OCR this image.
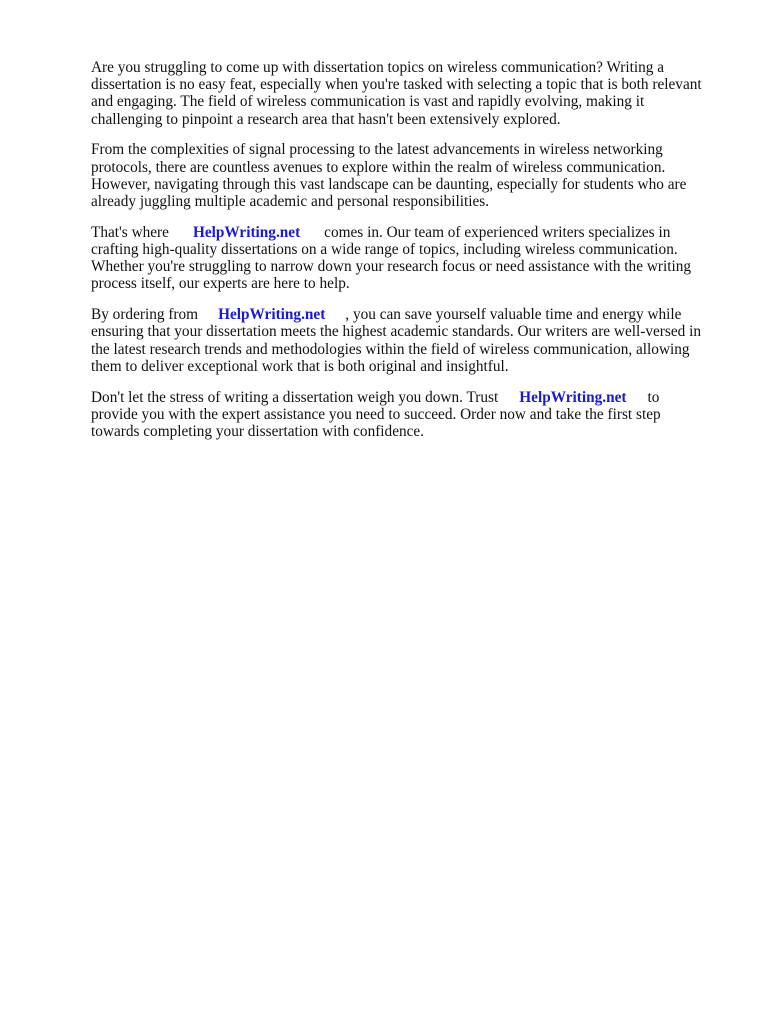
Are you struggling to come up with dissertation topics on wireless communication? Writing a
dissertation is no easy feat, especially when you're tasked with selecting a topic that is both relevant
and engaging. The field of wireless communication is vast and rapidly evolving, making it
challenging to pinpoint a research area that hasn't been extensively explored.

From the complexities of signal processing to the latest advancements in wireless networking
protocols, there are countless avenues to explore within the realm of wireless communication.
However, navigating through this vast landscape can be daunting, especially for students who are
already juggling multiple academic and personal responsibilities.

That's where HelpWriting.net comes in. Our team of experienced writers specializes in
crafting high-quality dissertations on a wide range of topics, including wireless communication.
Whether you're struggling to narrow down your research focus or need assistance with the writing
process itself, our experts are here to help.

By ordering from HelpWriting.net , you can save yourself valuable time and energy while
ensuring that your dissertation meets the highest academic standards. Our writers are well-versed in
the latest research trends and methodologies within the field of wireless communication, allowing
them to deliver exceptional work that is both original and insightful.

Don't let the stress of writing a dissertation weigh you down. Trust HelpWriting.net to
provide you with the expert assistance you need to succeed. Order now and take the first step
towards completing your dissertation with confidence.
